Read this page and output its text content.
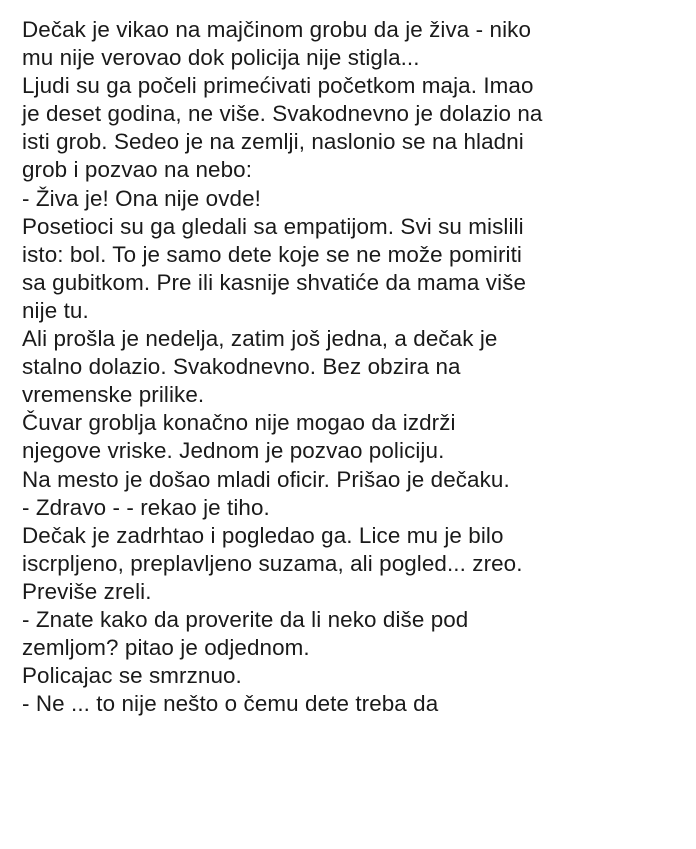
Dečak je vikao na majčinom grobu da je živa - niko
mu nije verovao dok policija nije stigla...
Ljudi su ga počeli primećivati početkom maja. Imao
je deset godina, ne više. Svakodnevno je dolazio na
isti grob. Sedeo je na zemlji, naslonio se na hladni
grob i pozvao na nebo:
- Živa je! Ona nije ovde!
Posetioci su ga gledali sa empatijom. Svi su mislili
isto: bol. To je samo dete koje se ne može pomiriti
sa gubitkom. Pre ili kasnije shvatiće da mama više
nije tu.
Ali prošla je nedelja, zatim još jedna, a dečak je
stalno dolazio. Svakodnevno. Bez obzira na
vremenske prilike.
Čuvar groblja konačno nije mogao da izdrži
njegove vriske. Jednom je pozvao policiju.
Na mesto je došao mladi oficir. Prišao je dečaku.
- Zdravo - - rekao je tiho.
Dečak je zadrhtao i pogledao ga. Lice mu je bilo
iscrpljeno, preplavljeno suzama, ali pogled... zreo.
Previše zreli.
- Znate kako da proverite da li neko diše pod
zemljom? pitao je odjednom.
Policajac se smrznuo.
- Ne ... to nije nešto o čemu dete treba da
